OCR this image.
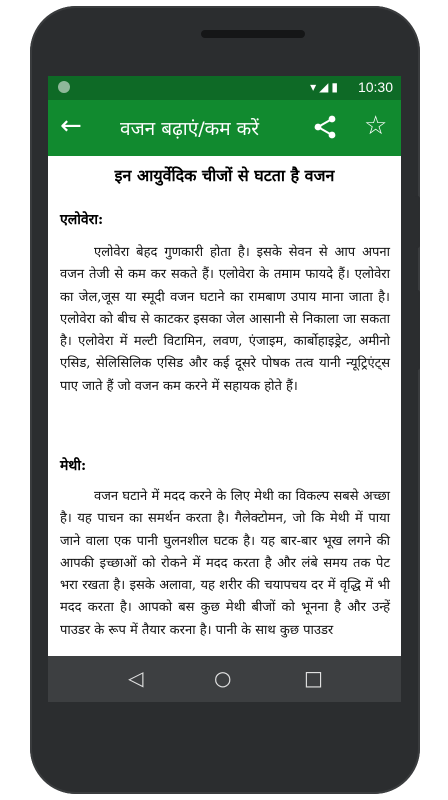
▾◢▮ 10:30
← वजन बढ़ाएं/कम करें	☆
इन आयुर्वेदिक चीजों से घटता है वजन
एलोवेरा:
एलोवेरा बेहद गुणकारी होता है। इसके सेवन से आप अपना वजन तेजी से कम कर सकते हैं। एलोवेरा के तमाम फायदे हैं। एलोवेरा का जेल,जूस या स्मूदी वजन घटाने का रामबाण उपाय माना जाता है। एलोवेरा को बीच से काटकर इसका जेल आसानी से निकाला जा सकता है। एलोवेरा में मल्टी विटामिन, लवण, एंजाइम, कार्बोहाइड्रेट, अमीनो एसिड, सेलिसिलिक एसिड और कई दूसरे पोषक तत्व यानी न्यूट्रिएंट्स पाए जाते हैं जो वजन कम करने में सहायक होते हैं।
मेथी:
वजन घटाने में मदद करने के लिए मेथी का विकल्प सबसे अच्छा है। यह पाचन का समर्थन करता है। गैलेक्टोमन, जो कि मेथी में पाया जाने वाला एक पानी घुलनशील घटक है। यह बार-बार भूख लगने की आपकी इच्छाओं को रोकने में मदद करता है और लंबे समय तक पेट भरा रखता है। इसके अलावा, यह शरीर की चयापचय दर में वृद्धि में भी मदद करता है। आपको बस कुछ मेथी बीजों को भूनना है और उन्हें पाउडर के रूप में तैयार करना है। पानी के साथ कुछ पाउडर
◁	○	□
